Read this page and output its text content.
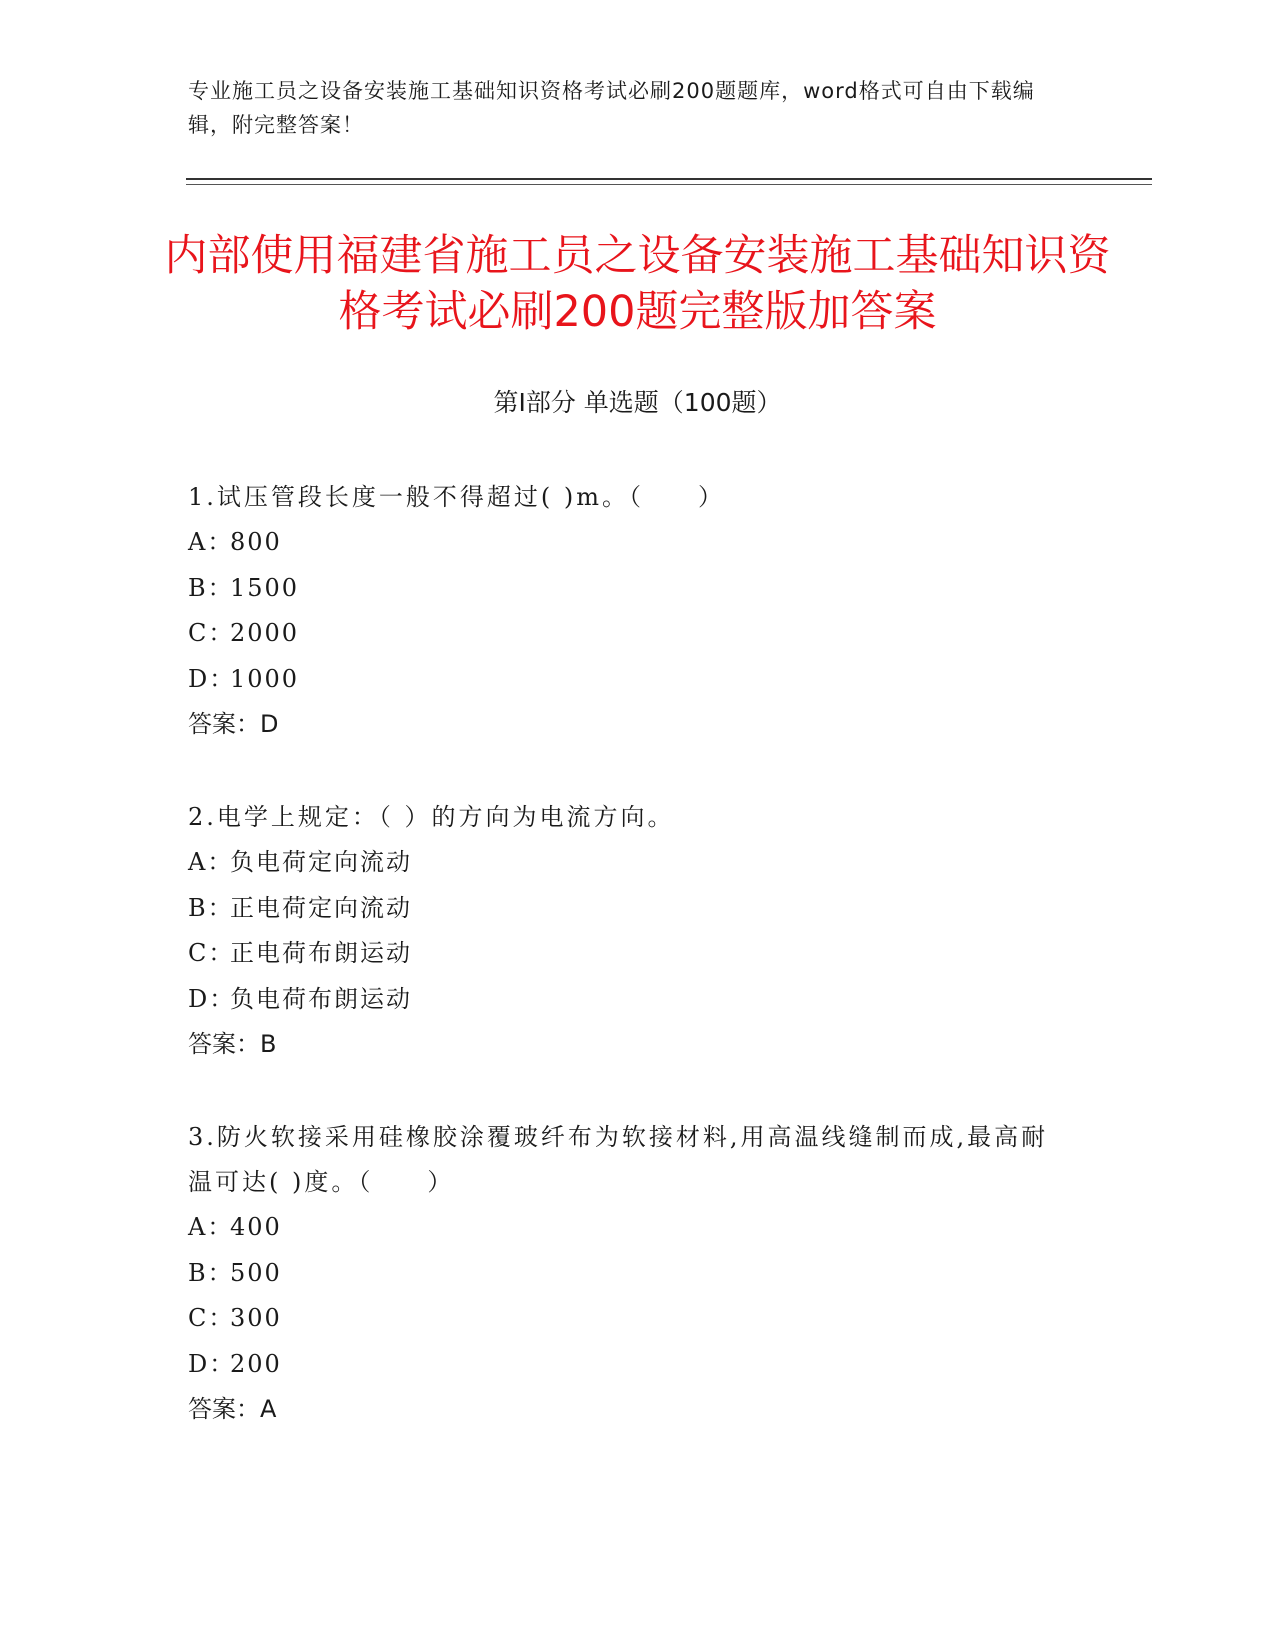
专业施工员之设备安装施工基础知识资格考试必刷200题题库，word格式可自由下载编辑，附完整答案！
内部使用福建省施工员之设备安装施工基础知识资格考试必刷200题完整版加答案
第I部分 单选题（100题）

1.试压管段长度一般不得超过( )m。（　　）

A：800

B：1500

C：2000

D：1000

答案：D

2.电学上规定：（ ）的方向为电流方向。

A：负电荷定向流动

B：正电荷定向流动

C：正电荷布朗运动

D：负电荷布朗运动

答案：B

3.防火软接采用硅橡胶涂覆玻纤布为软接材料,用高温线缝制而成,最高耐温可达( )度。（　　）

A：400

B：500

C：300

D：200

答案：A
